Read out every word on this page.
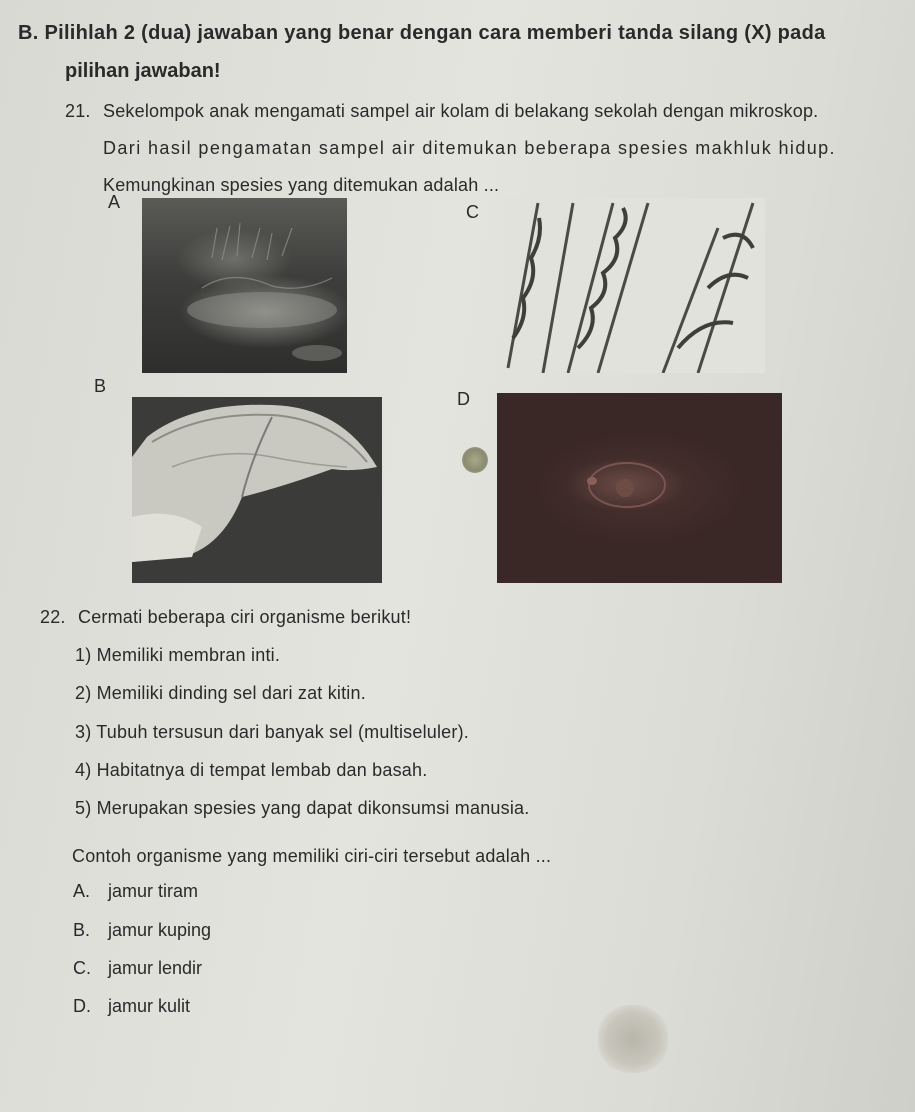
B. Pilihlah 2 (dua) jawaban yang benar dengan cara memberi tanda silang (X) pada
pilihan jawaban!
21. Sekelompok anak mengamati sampel air kolam di belakang sekolah dengan mikroskop.
Dari hasil pengamatan sampel air ditemukan beberapa spesies makhluk hidup.
Kemungkinan spesies yang ditemukan adalah ...
A	C
B
D
22. Cermati beberapa ciri organisme berikut!
1) Memiliki membran inti.
2) Memiliki dinding sel dari zat kitin.
3) Tubuh tersusun dari banyak sel (multiseluler).
4) Habitatnya di tempat lembab dan basah.
5) Merupakan spesies yang dapat dikonsumsi manusia.
Contoh organisme yang memiliki ciri-ciri tersebut adalah ...
A. jamur tiram
B. jamur kuping
C. jamur lendir
D. jamur kulit
